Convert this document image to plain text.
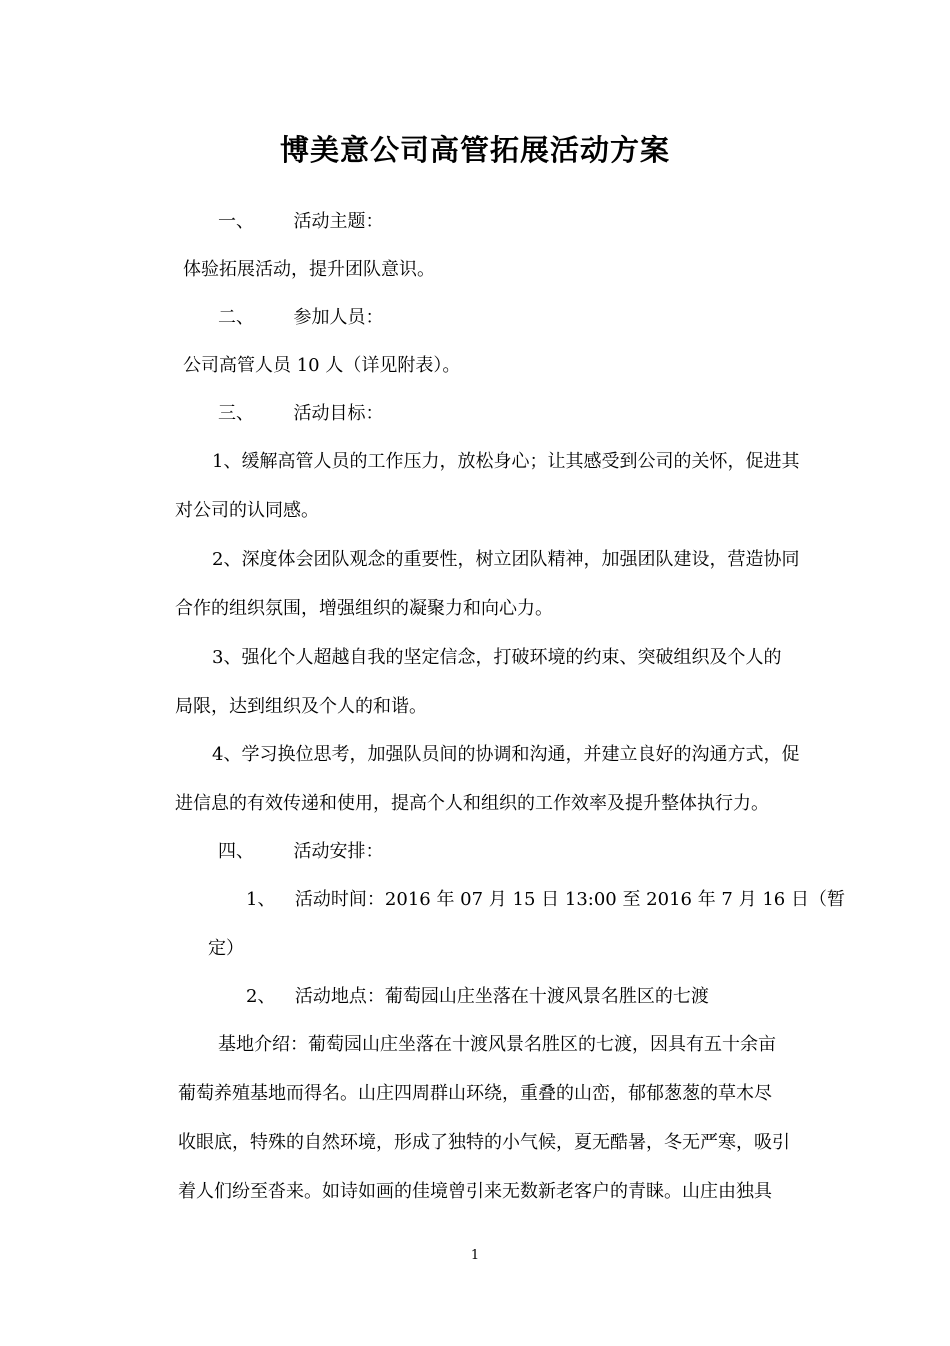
博美意公司高管拓展活动方案
一、 活动主题：
体验拓展活动，提升团队意识。
二、 参加人员：
公司高管人员 10 人（详见附表）。
三、 活动目标：
1、缓解高管人员的工作压力，放松身心；让其感受到公司的关怀，促进其
对公司的认同感。
2、深度体会团队观念的重要性，树立团队精神，加强团队建设，营造协同
合作的组织氛围，增强组织的凝聚力和向心力。
3、强化个人超越自我的坚定信念，打破环境的约束、突破组织及个人的
局限，达到组织及个人的和谐。
4、学习换位思考，加强队员间的协调和沟通，并建立良好的沟通方式，促
进信息的有效传递和使用，提高个人和组织的工作效率及提升整体执行力。
四、 活动安排：
1、 活动时间：2016 年 07 月 15 日 13:00 至 2016 年 7 月 16 日（暂
定）
2、 活动地点：葡萄园山庄坐落在十渡风景名胜区的七渡
基地介绍：葡萄园山庄坐落在十渡风景名胜区的七渡，因具有五十余亩
葡萄养殖基地而得名。山庄四周群山环绕，重叠的山峦，郁郁葱葱的草木尽
收眼底，特殊的自然环境，形成了独特的小气候，夏无酷暑，冬无严寒，吸引
着人们纷至沓来。如诗如画的佳境曾引来无数新老客户的青睐。山庄由独具
1
